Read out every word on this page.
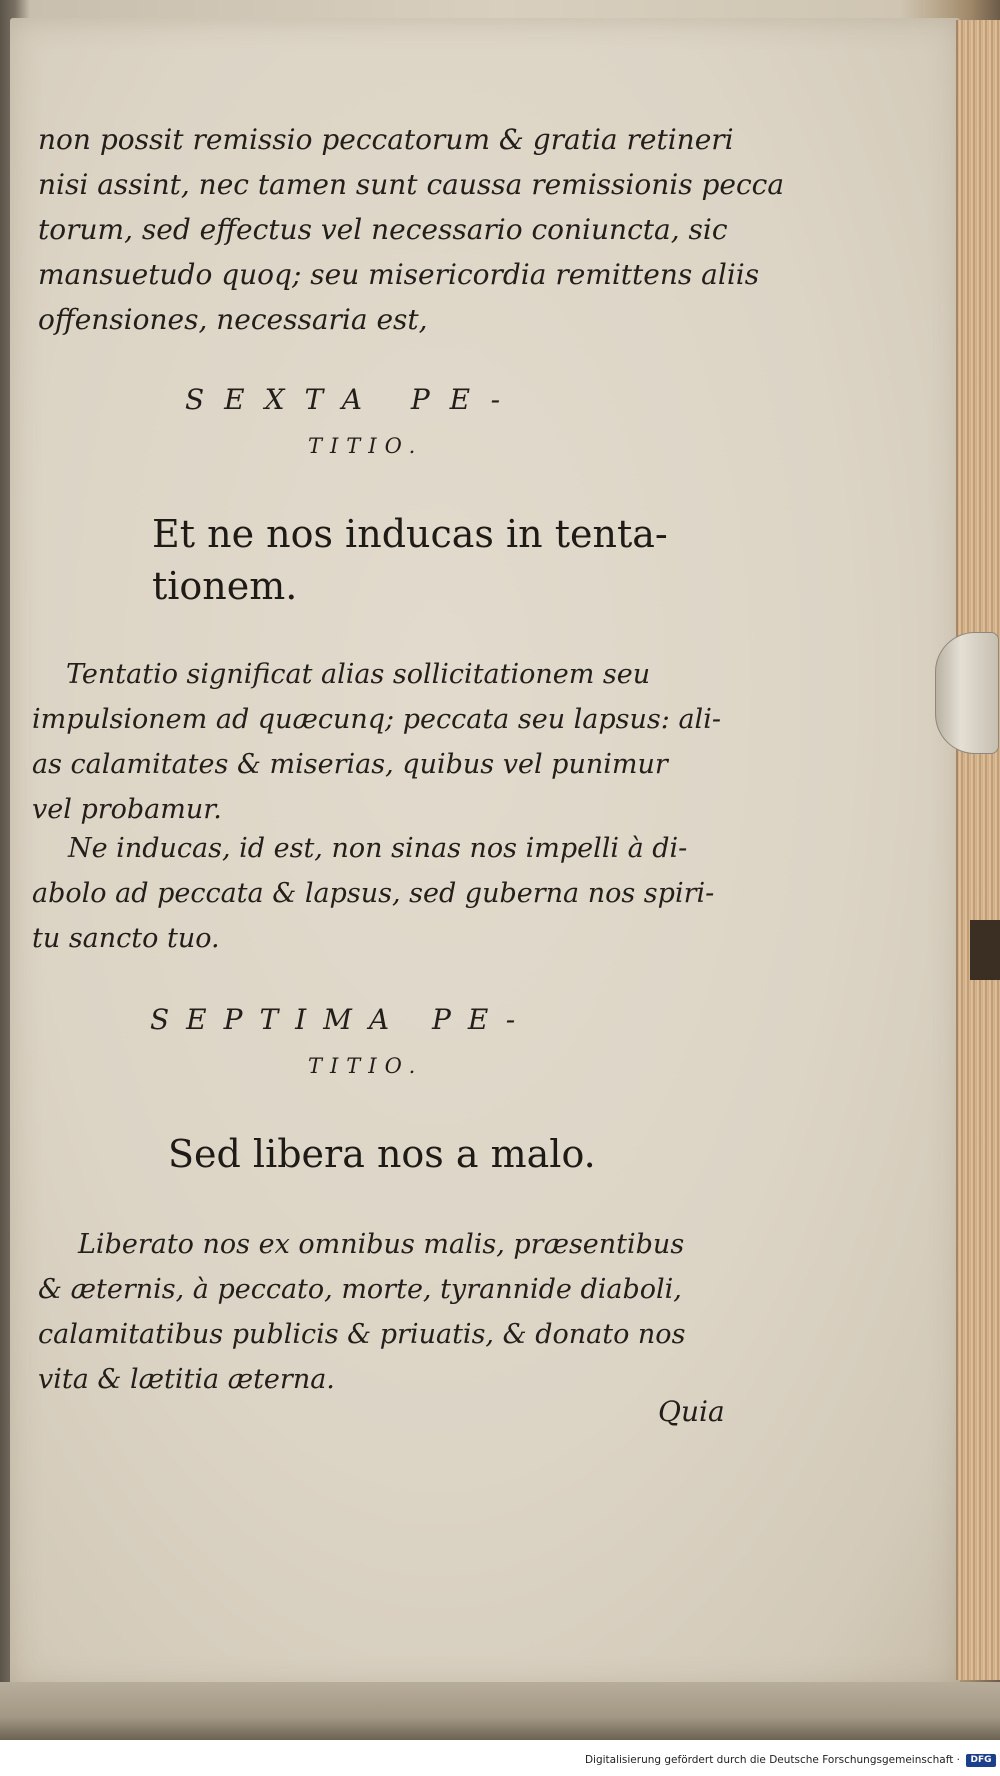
non possit remissio peccatorum & gratia retineri
nisi assint, nec tamen sunt caussa remissionis pecca
torum, sed effectus vel necessario coniuncta, sic
mansuetudo quoq; seu misericordia remittens aliis
offensiones, necessaria est,
SEXTA PE-
TITIO.
Et ne nos inducas in tenta-
tionem.
Tentatio significat alias sollicitationem seu
impulsionem ad quæcunq; peccata seu lapsus: ali-
as calamitates & miserias, quibus vel punimur
vel probamur.
Ne inducas, id est, non sinas nos impelli à di-
abolo ad peccata & lapsus, sed guberna nos spiri-
tu sancto tuo.
SEPTIMA PE-
TITIO.
Sed libera nos a malo.
Liberato nos ex omnibus malis, præsentibus
& æternis, à peccato, morte, tyrannide diaboli,
calamitatibus publicis & priuatis, & donato nos
vita & lætitia æterna.
Quia
Digitalisierung gefördert durch die Deutsche Forschungsgemeinschaft ·	DFG
